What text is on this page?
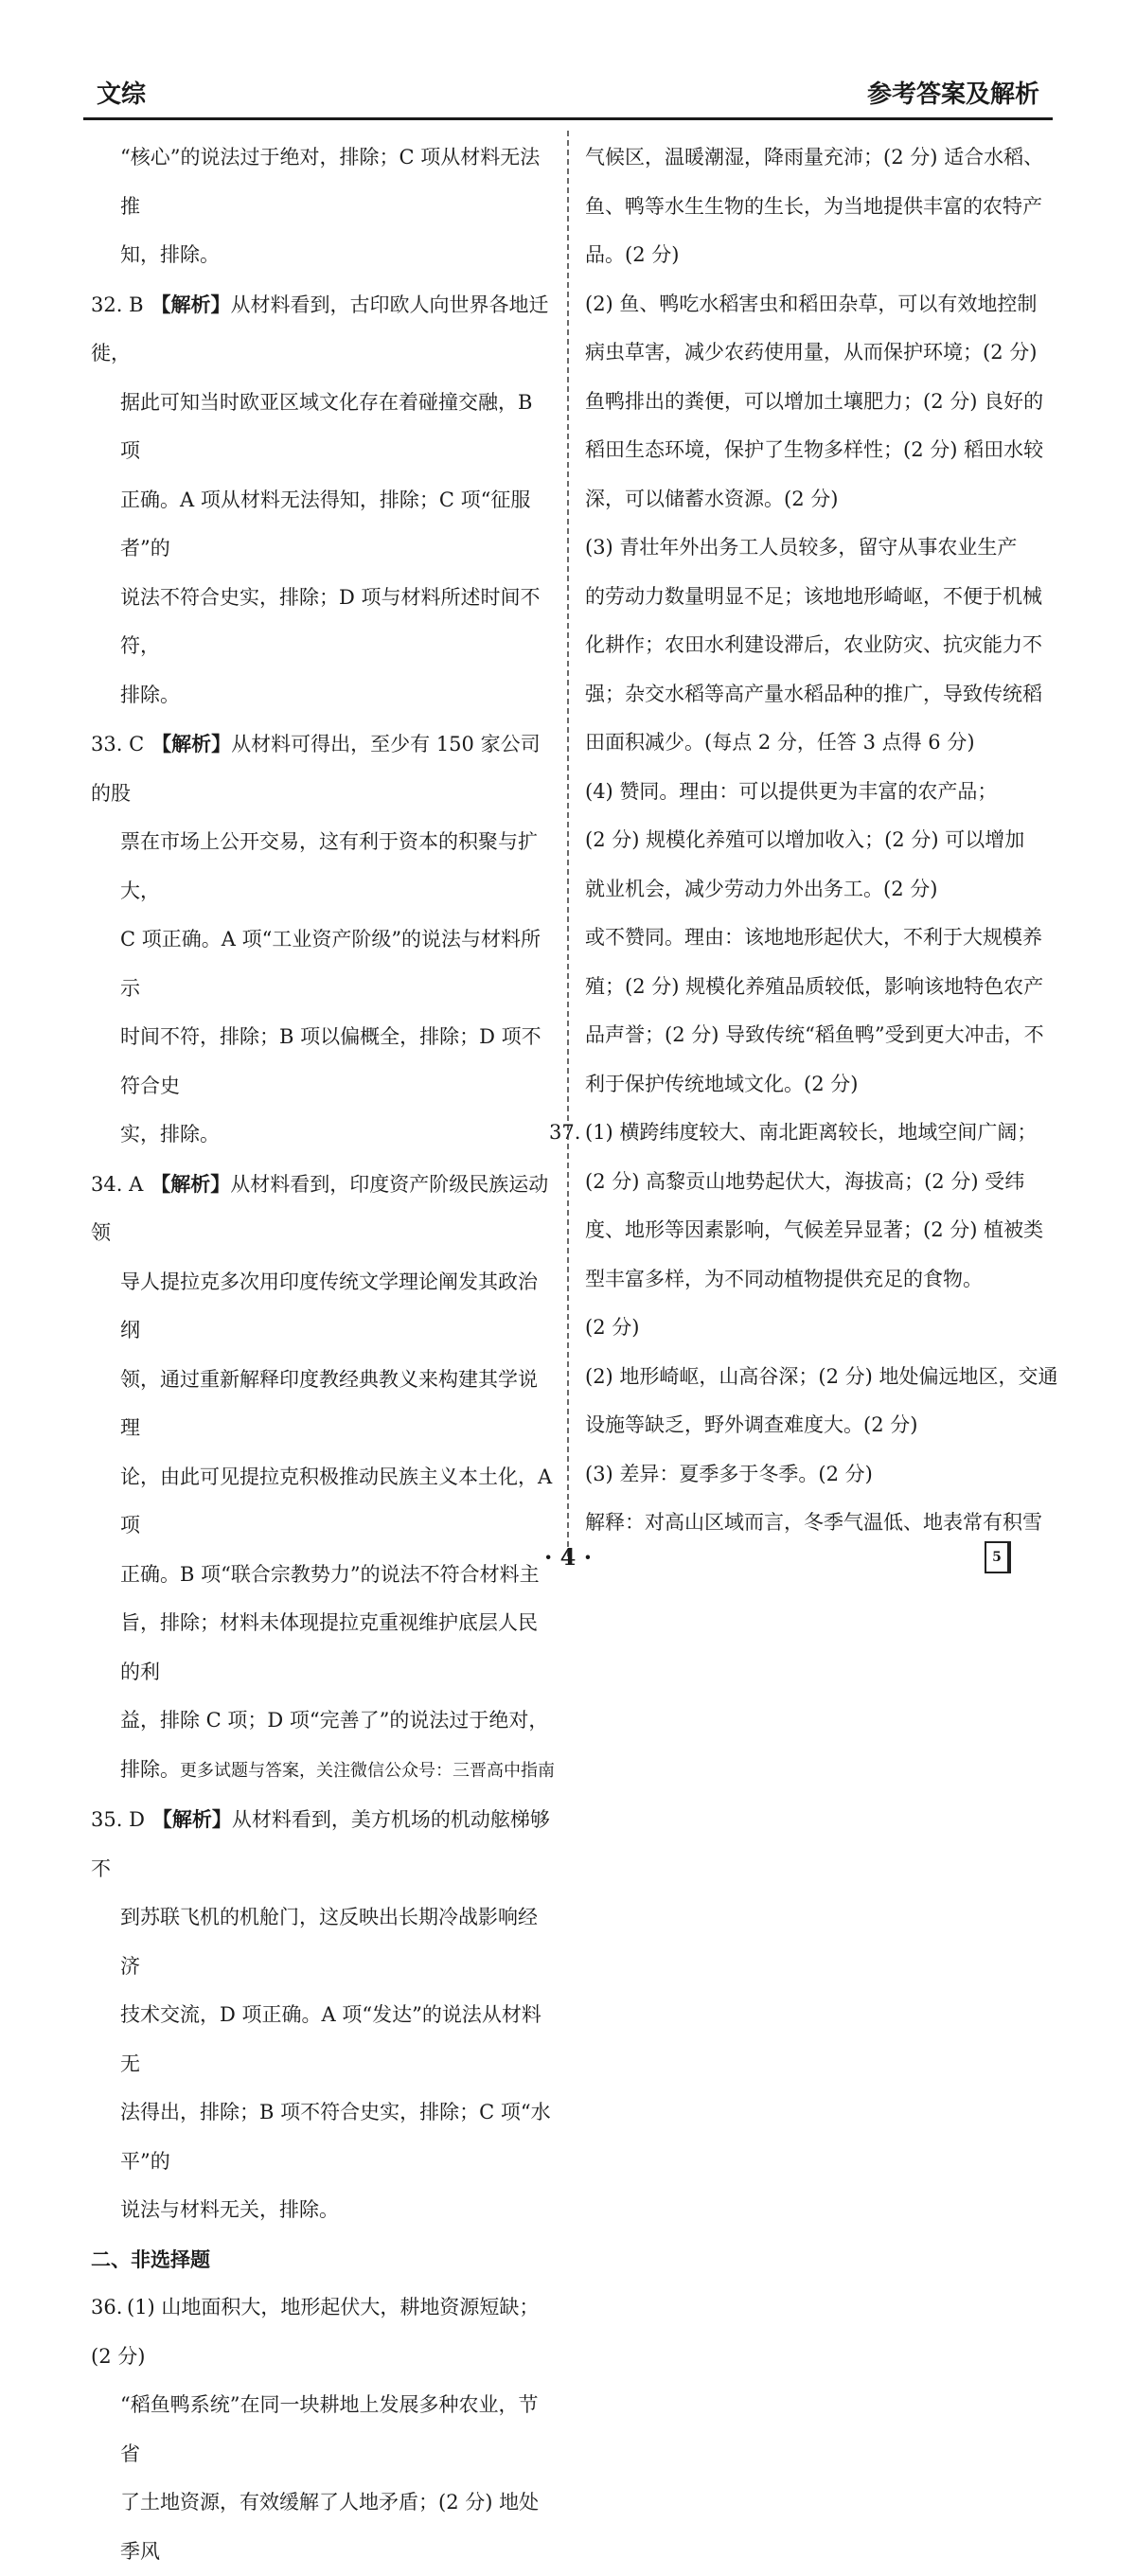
文综	参考答案及解析

“核心”的说法过于绝对，排除；C 项从材料无法推

知，排除。

32. B 【解析】从材料看到，古印欧人向世界各地迁徙，

据此可知当时欧亚区域文化存在着碰撞交融，B 项

正确。A 项从材料无法得知，排除；C 项“征服者”的

说法不符合史实，排除；D 项与材料所述时间不符，

排除。

33. C 【解析】从材料可得出，至少有 150 家公司的股

票在市场上公开交易，这有利于资本的积聚与扩大，

C 项正确。A 项“工业资产阶级”的说法与材料所示

时间不符，排除；B 项以偏概全，排除；D 项不符合史

实，排除。

34. A 【解析】从材料看到，印度资产阶级民族运动领

导人提拉克多次用印度传统文学理论阐发其政治纲

领，通过重新解释印度教经典教义来构建其学说理

论，由此可见提拉克积极推动民族主义本土化，A 项

正确。B 项“联合宗教势力”的说法不符合材料主

旨，排除；材料未体现提拉克重视维护底层人民的利

益，排除 C 项；D 项“完善了”的说法过于绝对，

排除。更多试题与答案，关注微信公众号：三晋高中指南

35. D 【解析】从材料看到，美方机场的机动舷梯够不

到苏联飞机的机舱门，这反映出长期冷战影响经济

技术交流，D 项正确。A 项“发达”的说法从材料无

法得出，排除；B 项不符合史实，排除；C 项“水平”的

说法与材料无关，排除。

二、非选择题

36. (1) 山地面积大，地形起伏大，耕地资源短缺；(2 分)

“稻鱼鸭系统”在同一块耕地上发展多种农业，节省

了土地资源，有效缓解了人地矛盾；(2 分) 地处季风

气候区，温暖潮湿，降雨量充沛；(2 分) 适合水稻、

鱼、鸭等水生生物的生长，为当地提供丰富的农特产

品。(2 分)

(2) 鱼、鸭吃水稻害虫和稻田杂草，可以有效地控制

病虫草害，减少农药使用量，从而保护环境；(2 分)

鱼鸭排出的粪便，可以增加土壤肥力；(2 分) 良好的

稻田生态环境，保护了生物多样性；(2 分) 稻田水较

深，可以储蓄水资源。(2 分)

(3) 青壮年外出务工人员较多，留守从事农业生产

的劳动力数量明显不足；该地地形崎岖，不便于机械

化耕作；农田水利建设滞后，农业防灾、抗灾能力不

强；杂交水稻等高产量水稻品种的推广，导致传统稻

田面积减少。(每点 2 分，任答 3 点得 6 分)

(4) 赞同。理由：可以提供更为丰富的农产品；

(2 分) 规模化养殖可以增加收入；(2 分) 可以增加

就业机会，减少劳动力外出务工。(2 分)

或不赞同。理由：该地地形起伏大，不利于大规模养

殖；(2 分) 规模化养殖品质较低，影响该地特色农产

品声誉；(2 分) 导致传统“稻鱼鸭”受到更大冲击，不

利于保护传统地域文化。(2 分)

37. (1) 横跨纬度较大、南北距离较长，地域空间广阔；

(2 分) 高黎贡山地势起伏大，海拔高；(2 分) 受纬

度、地形等因素影响，气候差异显著；(2 分) 植被类

型丰富多样，为不同动植物提供充足的食物。

(2 分)

(2) 地形崎岖，山高谷深；(2 分) 地处偏远地区，交通

设施等缺乏，野外调查难度大。(2 分)

(3) 差异：夏季多于冬季。(2 分)

解释：对高山区域而言，冬季气温低、地表常有积雪

· 4 ·	5
